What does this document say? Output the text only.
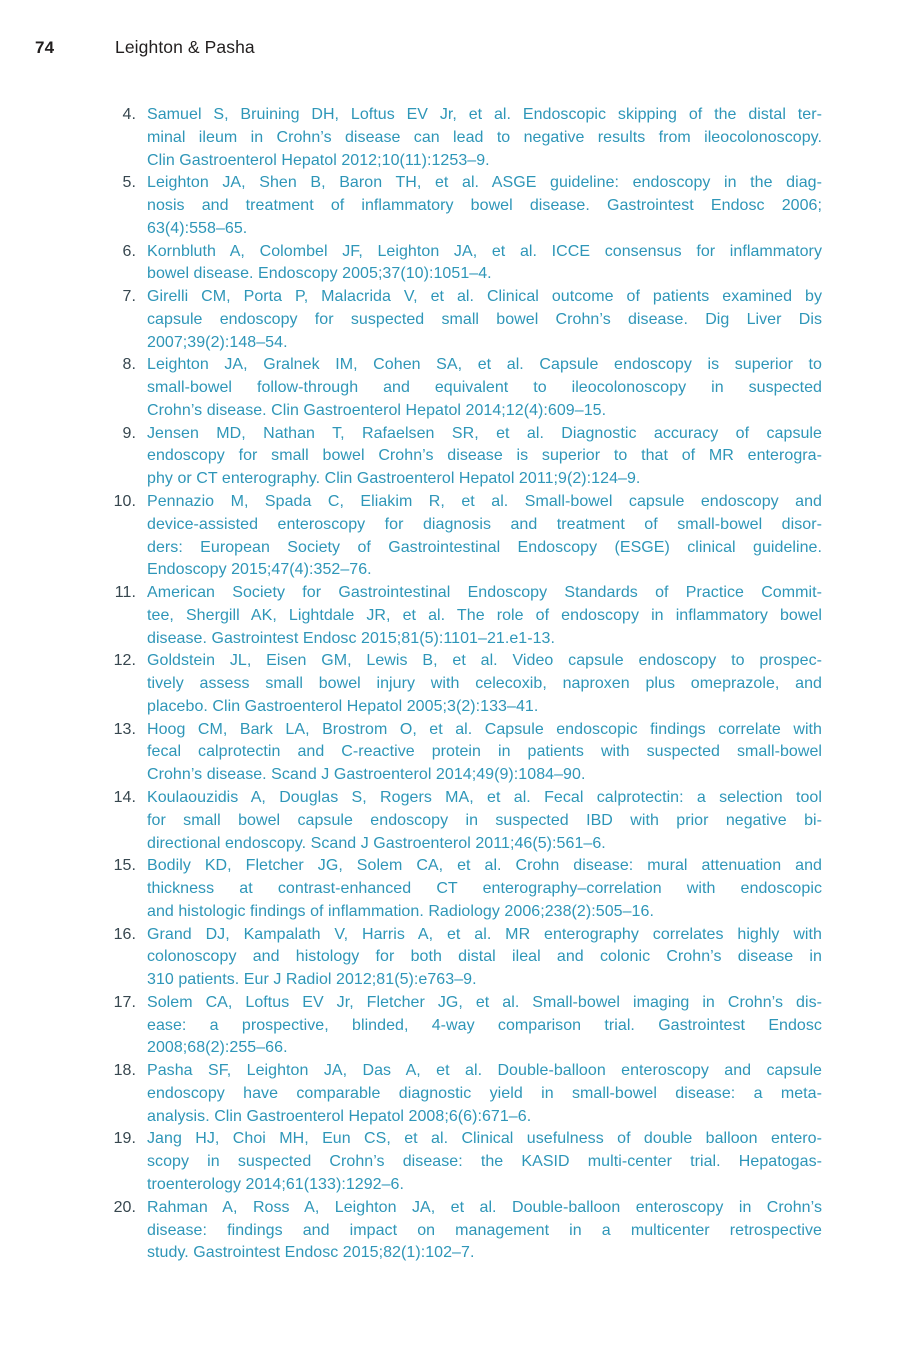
74	Leighton & Pasha
4. Samuel S, Bruining DH, Loftus EV Jr, et al. Endoscopic skipping of the distal ter-
minal ileum in Crohn’s disease can lead to negative results from ileocolonoscopy.
Clin Gastroenterol Hepatol 2012;10(11):1253–9.
5. Leighton JA, Shen B, Baron TH, et al. ASGE guideline: endoscopy in the diag-
nosis and treatment of inflammatory bowel disease. Gastrointest Endosc 2006;
63(4):558–65.
6. Kornbluth A, Colombel JF, Leighton JA, et al. ICCE consensus for inflammatory
bowel disease. Endoscopy 2005;37(10):1051–4.
7. Girelli CM, Porta P, Malacrida V, et al. Clinical outcome of patients examined by
capsule endoscopy for suspected small bowel Crohn’s disease. Dig Liver Dis
2007;39(2):148–54.
8. Leighton JA, Gralnek IM, Cohen SA, et al. Capsule endoscopy is superior to
small-bowel follow-through and equivalent to ileocolonoscopy in suspected
Crohn’s disease. Clin Gastroenterol Hepatol 2014;12(4):609–15.
9. Jensen MD, Nathan T, Rafaelsen SR, et al. Diagnostic accuracy of capsule
endoscopy for small bowel Crohn’s disease is superior to that of MR enterogra-
phy or CT enterography. Clin Gastroenterol Hepatol 2011;9(2):124–9.
10. Pennazio M, Spada C, Eliakim R, et al. Small-bowel capsule endoscopy and
device-assisted enteroscopy for diagnosis and treatment of small-bowel disor-
ders: European Society of Gastrointestinal Endoscopy (ESGE) clinical guideline.
Endoscopy 2015;47(4):352–76.
11. American Society for Gastrointestinal Endoscopy Standards of Practice Commit-
tee, Shergill AK, Lightdale JR, et al. The role of endoscopy in inflammatory bowel
disease. Gastrointest Endosc 2015;81(5):1101–21.e1-13.
12. Goldstein JL, Eisen GM, Lewis B, et al. Video capsule endoscopy to prospec-
tively assess small bowel injury with celecoxib, naproxen plus omeprazole, and
placebo. Clin Gastroenterol Hepatol 2005;3(2):133–41.
13. Hoog CM, Bark LA, Brostrom O, et al. Capsule endoscopic findings correlate with
fecal calprotectin and C-reactive protein in patients with suspected small-bowel
Crohn’s disease. Scand J Gastroenterol 2014;49(9):1084–90.
14. Koulaouzidis A, Douglas S, Rogers MA, et al. Fecal calprotectin: a selection tool
for small bowel capsule endoscopy in suspected IBD with prior negative bi-
directional endoscopy. Scand J Gastroenterol 2011;46(5):561–6.
15. Bodily KD, Fletcher JG, Solem CA, et al. Crohn disease: mural attenuation and
thickness at contrast-enhanced CT enterography–correlation with endoscopic
and histologic findings of inflammation. Radiology 2006;238(2):505–16.
16. Grand DJ, Kampalath V, Harris A, et al. MR enterography correlates highly with
colonoscopy and histology for both distal ileal and colonic Crohn’s disease in
310 patients. Eur J Radiol 2012;81(5):e763–9.
17. Solem CA, Loftus EV Jr, Fletcher JG, et al. Small-bowel imaging in Crohn’s dis-
ease: a prospective, blinded, 4-way comparison trial. Gastrointest Endosc
2008;68(2):255–66.
18. Pasha SF, Leighton JA, Das A, et al. Double-balloon enteroscopy and capsule
endoscopy have comparable diagnostic yield in small-bowel disease: a meta-
analysis. Clin Gastroenterol Hepatol 2008;6(6):671–6.
19. Jang HJ, Choi MH, Eun CS, et al. Clinical usefulness of double balloon entero-
scopy in suspected Crohn’s disease: the KASID multi-center trial. Hepatogas-
troenterology 2014;61(133):1292–6.
20. Rahman A, Ross A, Leighton JA, et al. Double-balloon enteroscopy in Crohn’s
disease: findings and impact on management in a multicenter retrospective
study. Gastrointest Endosc 2015;82(1):102–7.
